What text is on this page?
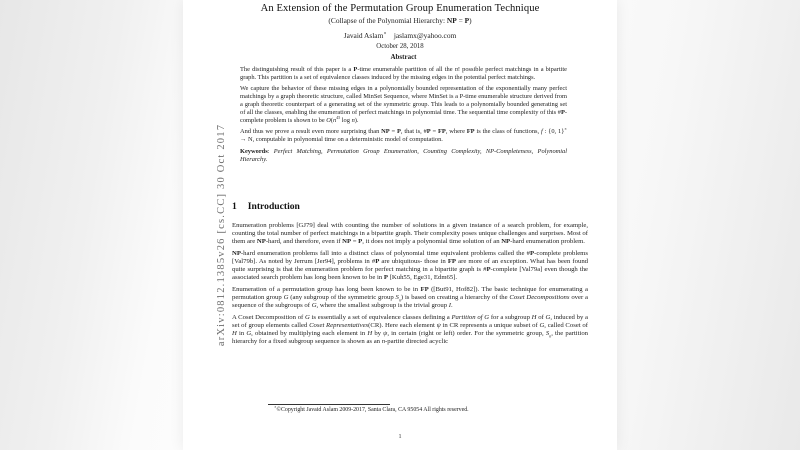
An Extension of the Permutation Group Enumeration Technique
(Collapse of the Polynomial Hierarchy: NP = P)
Javaid Aslam∗ jaslamx@yahoo.com
October 28, 2018
Abstract

The distinguishing result of this paper is a P-time enumerable partition of all the n! possible perfect matchings in a bipartite graph. This partition is a set of equivalence classes induced by the missing edges in the potential perfect matchings.

We capture the behavior of these missing edges in a polynomially bounded representation of the exponentially many perfect matchings by a graph theoretic structure, called MinSet Sequence, where MinSet is a P-time enumerable structure derived from a graph theoretic counterpart of a generating set of the symmetric group. This leads to a polynomially bounded generating set of all the classes, enabling the enumeration of perfect matchings in polynomial time. The sequential time complexity of this #P-complete problem is shown to be $O(n^{45}$ log n).

And thus we prove a result even more surprising than NP = P, that is, #P = FP, where FP is the class of functions, f : {0, 1}∗ → N, computable in polynomial time on a deterministic model of computation.

Keywords: Perfect Matching, Permutation Group Enumeration, Counting Complexity, NP-Completeness, Polynomial Hierarchy.
1 Introduction

Enumeration problems [GJ79] deal with counting the number of solutions in a given instance of a search problem, for example, counting the total number of perfect matchings in a bipartite graph. Their complexity poses unique challenges and surprises. Most of them are NP-hard, and therefore, even if NP = P, it does not imply a polynomial time solution of an NP-hard enumeration problem.

NP-hard enumeration problems fall into a distinct class of polynomial time equivalent problems called the #P-complete problems [Val79b]. As noted by Jerrum [Jer94], problems in #P are ubiquitous- those in FP are more of an exception. What has been found quite surprising is that the enumeration problem for perfect matching in a bipartite graph is #P-complete [Val79a] even though the associated search problem has long been known to be in P [Kuh55, Ege31, Edm65].

Enumeration of a permutation group has long been known to be in FP ([But91, Hof82]). The basic technique for enumerating a permutation group G (any subgroup of the symmetric group $S_n$) is based on creating a hierarchy of the Coset Decompositions over a sequence of the subgroups of G, where the smallest subgroup is the trivial group I.

A Coset Decomposition of G is essentially a set of equivalence classes defining a Partition of G for a subgroup H of G, induced by a set of group elements called Coset Representatives(CR). Here each element ψ in CR represents a unique subset of G, called Coset of H in G, obtained by multiplying each element in H by ψ, in certain (right or left) order. For the symmetric group, $S_n$, the partition hierarchy for a fixed subgroup sequence is shown as an n-partite directed acyclic

∗©Copyright Javaid Aslam 2009-2017, Santa Clara, CA 95054 All rights reserved.
1
arXiv:0812.1385v26 [cs.CC] 30 Oct 2017
